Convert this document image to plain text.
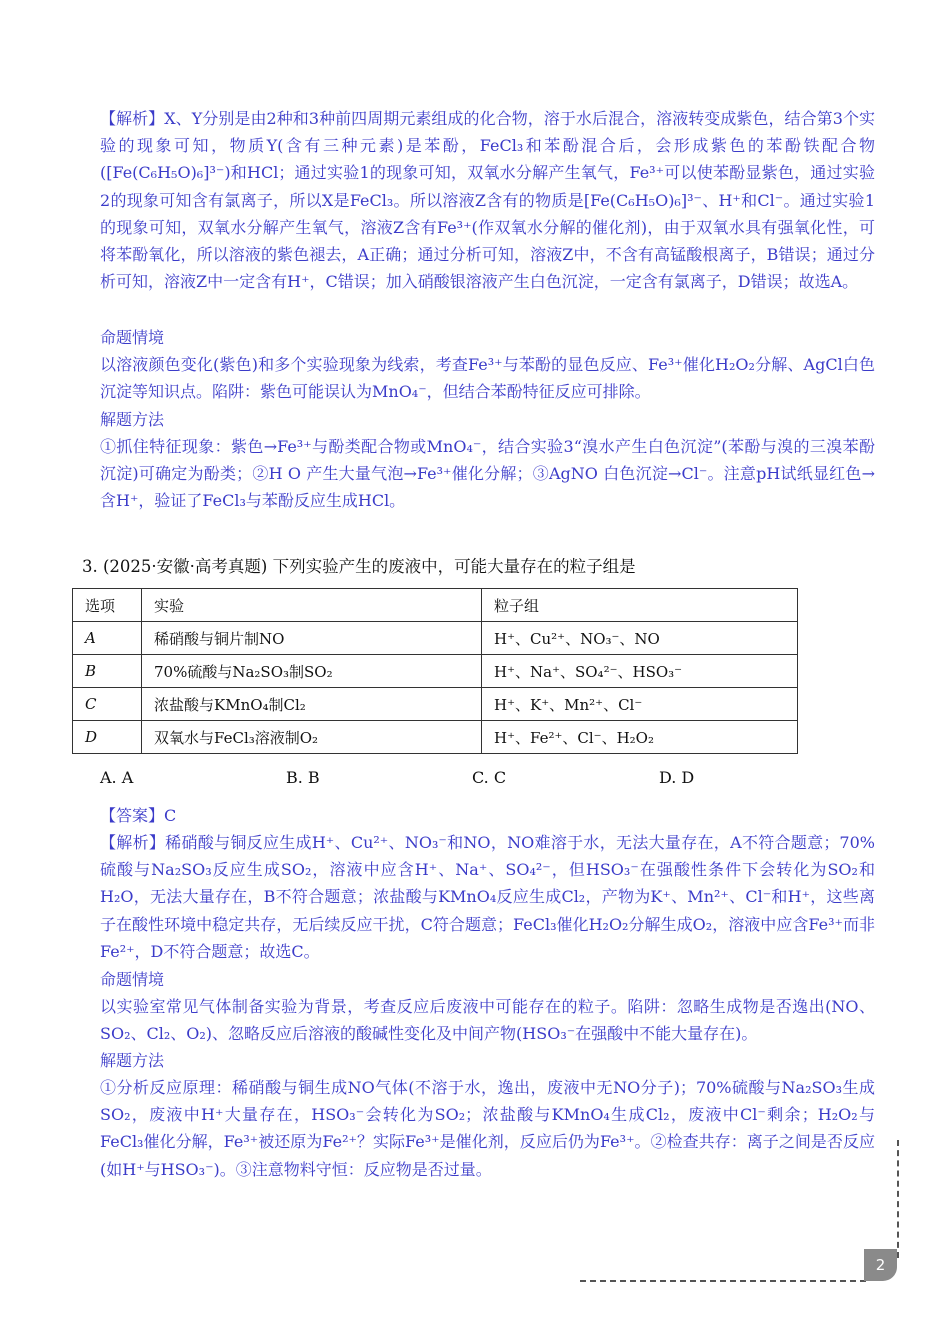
【解析】X、Y分别是由2种和3种前四周期元素组成的化合物，溶于水后混合，溶液转变成紫色，结合第3个实验的现象可知，物质Y(含有三种元素)是苯酚，FeCl₃和苯酚混合后，会形成紫色的苯酚铁配合物([Fe(C₆H₅O)₆]³⁻)和HCl；通过实验1的现象可知，双氧水分解产生氧气，Fe³⁺可以使苯酚显紫色，通过实验2的现象可知含有氯离子，所以X是FeCl₃。所以溶液Z含有的物质是[Fe(C₆H₅O)₆]³⁻、H⁺和Cl⁻。通过实验1的现象可知，双氧水分解产生氧气，溶液Z含有Fe³⁺(作双氧水分解的催化剂)，由于双氧水具有强氧化性，可将苯酚氧化，所以溶液的紫色褪去，A正确；通过分析可知，溶液Z中，不含有高锰酸根离子，B错误；通过分析可知，溶液Z中一定含有H⁺，C错误；加入硝酸银溶液产生白色沉淀，一定含有氯离子，D错误；故选A。

命题情境

以溶液颜色变化(紫色)和多个实验现象为线索，考查Fe³⁺与苯酚的显色反应、Fe³⁺催化H₂O₂分解、AgCl白色沉淀等知识点。陷阱：紫色可能误认为MnO₄⁻，但结合苯酚特征反应可排除。

解题方法

①抓住特征现象：紫色→Fe³⁺与酚类配合物或MnO₄⁻，结合实验3“溴水产生白色沉淀”(苯酚与溴的三溴苯酚沉淀)可确定为酚类；②H O 产生大量气泡→Fe³⁺催化分解；③AgNO 白色沉淀→Cl⁻。注意pH试纸显红色→含H⁺，验证了FeCl₃与苯酚反应生成HCl。

3. (2025·安徽·高考真题) 下列实验产生的废液中，可能大量存在的粒子组是
选项	实验	粒子组
A	稀硝酸与铜片制NO	H⁺、Cu²⁺、NO₃⁻、NO
B	70%硫酸与Na₂SO₃制SO₂	H⁺、Na⁺、SO₄²⁻、HSO₃⁻
C	浓盐酸与KMnO₄制Cl₂	H⁺、K⁺、Mn²⁺、Cl⁻
D	双氧水与FeCl₃溶液制O₂	H⁺、Fe²⁺、Cl⁻、H₂O₂
A. A	B. B	C. C	D. D
【答案】C

【解析】稀硝酸与铜反应生成H⁺、Cu²⁺、NO₃⁻和NO，NO难溶于水，无法大量存在，A不符合题意；70%硫酸与Na₂SO₃反应生成SO₂，溶液中应含H⁺、Na⁺、SO₄²⁻，但HSO₃⁻在强酸性条件下会转化为SO₂和H₂O，无法大量存在，B不符合题意；浓盐酸与KMnO₄反应生成Cl₂，产物为K⁺、Mn²⁺、Cl⁻和H⁺，这些离子在酸性环境中稳定共存，无后续反应干扰，C符合题意；FeCl₃催化H₂O₂分解生成O₂，溶液中应含Fe³⁺而非Fe²⁺，D不符合题意；故选C。

命题情境

以实验室常见气体制备实验为背景，考查反应后废液中可能存在的粒子。陷阱：忽略生成物是否逸出(NO、SO₂、Cl₂、O₂)、忽略反应后溶液的酸碱性变化及中间产物(HSO₃⁻在强酸中不能大量存在)。

解题方法

①分析反应原理：稀硝酸与铜生成NO气体(不溶于水，逸出，废液中无NO分子)；70%硫酸与Na₂SO₃生成SO₂，废液中H⁺大量存在，HSO₃⁻会转化为SO₂；浓盐酸与KMnO₄生成Cl₂，废液中Cl⁻剩余；H₂O₂与FeCl₃催化分解，Fe³⁺被还原为Fe²⁺？实际Fe³⁺是催化剂，反应后仍为Fe³⁺。②检查共存：离子之间是否反应(如H⁺与HSO₃⁻)。③注意物料守恒：反应物是否过量。

2
